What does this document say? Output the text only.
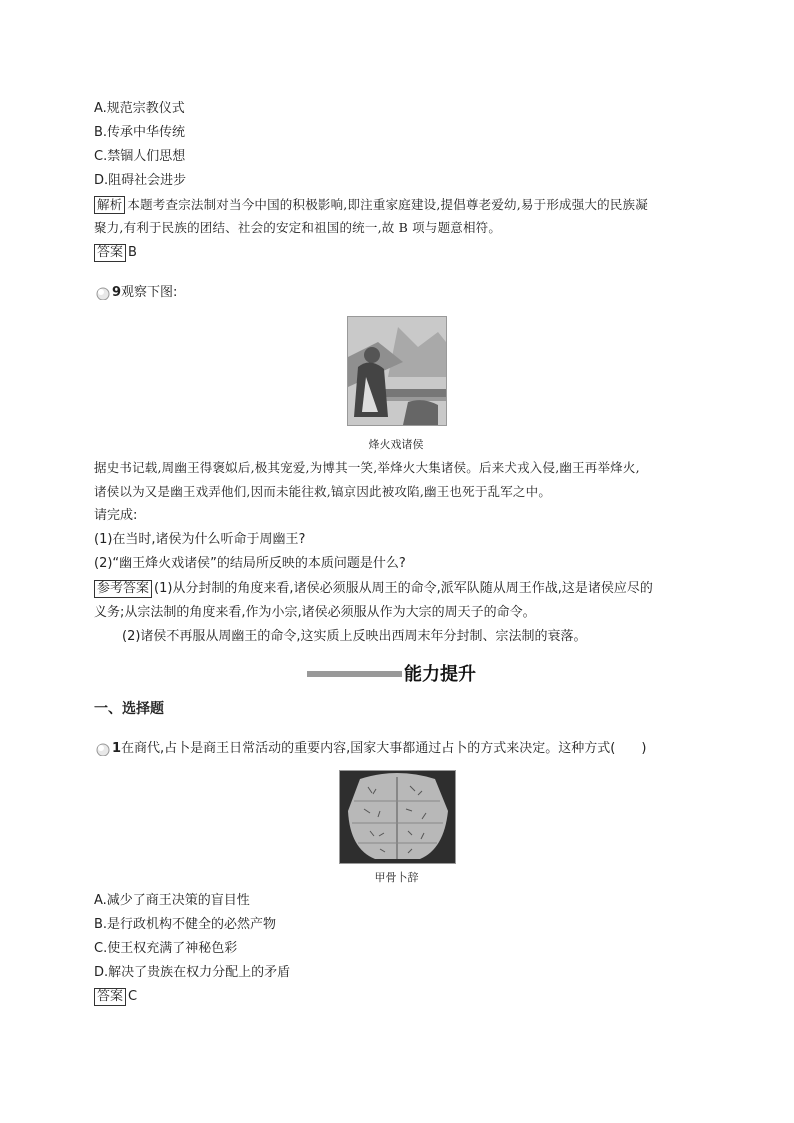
A.规范宗教仪式
B.传承中华传统
C.禁锢人们思想
D.阻碍社会进步
解析 本题考查宗法制对当今中国的积极影响,即注重家庭建设,提倡尊老爱幼,易于形成强大的民族凝
聚力,有利于民族的团结、社会的安定和祖国的统一,故 B 项与题意相符。
答案 B
9观察下图:
烽火戏诸侯
据史书记载,周幽王得褒姒后,极其宠爱,为博其一笑,举烽火大集诸侯。后来犬戎入侵,幽王再举烽火,
诸侯以为又是幽王戏弄他们,因而未能往救,镐京因此被攻陷,幽王也死于乱军之中。
请完成:
(1)在当时,诸侯为什么听命于周幽王?
(2)“幽王烽火戏诸侯”的结局所反映的本质问题是什么?
参考答案 (1)从分封制的角度来看,诸侯必须服从周王的命令,派军队随从周王作战,这是诸侯应尽的
义务;从宗法制的角度来看,作为小宗,诸侯必须服从作为大宗的周天子的命令。
(2)诸侯不再服从周幽王的命令,这实质上反映出西周末年分封制、宗法制的衰落。
能力提升
一、选择题
1在商代,占卜是商王日常活动的重要内容,国家大事都通过占卜的方式来决定。这种方式(　　)
甲骨卜辞
A.减少了商王决策的盲目性
B.是行政机构不健全的必然产物
C.使王权充满了神秘色彩
D.解决了贵族在权力分配上的矛盾
答案 C
